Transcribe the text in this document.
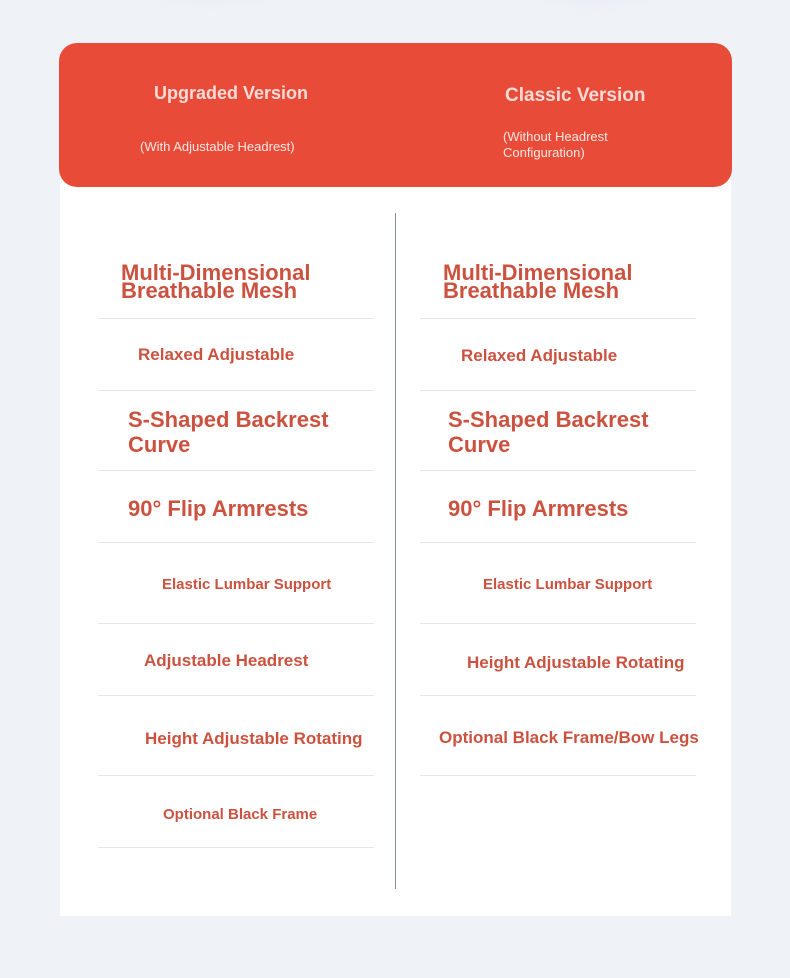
Upgraded Version
(With Adjustable Headrest)
Classic Version
(Without Headrest Configuration)
Multi-Dimensional Breathable Mesh
Relaxed Adjustable
S-Shaped Backrest Curve
90° Flip Armrests
Elastic Lumbar Support
Adjustable Headrest
Height Adjustable Rotating
Optional Black Frame
Multi-Dimensional Breathable Mesh
Relaxed Adjustable
S-Shaped Backrest Curve
90° Flip Armrests
Elastic Lumbar Support
Height Adjustable Rotating
Optional Black Frame/Bow Legs
